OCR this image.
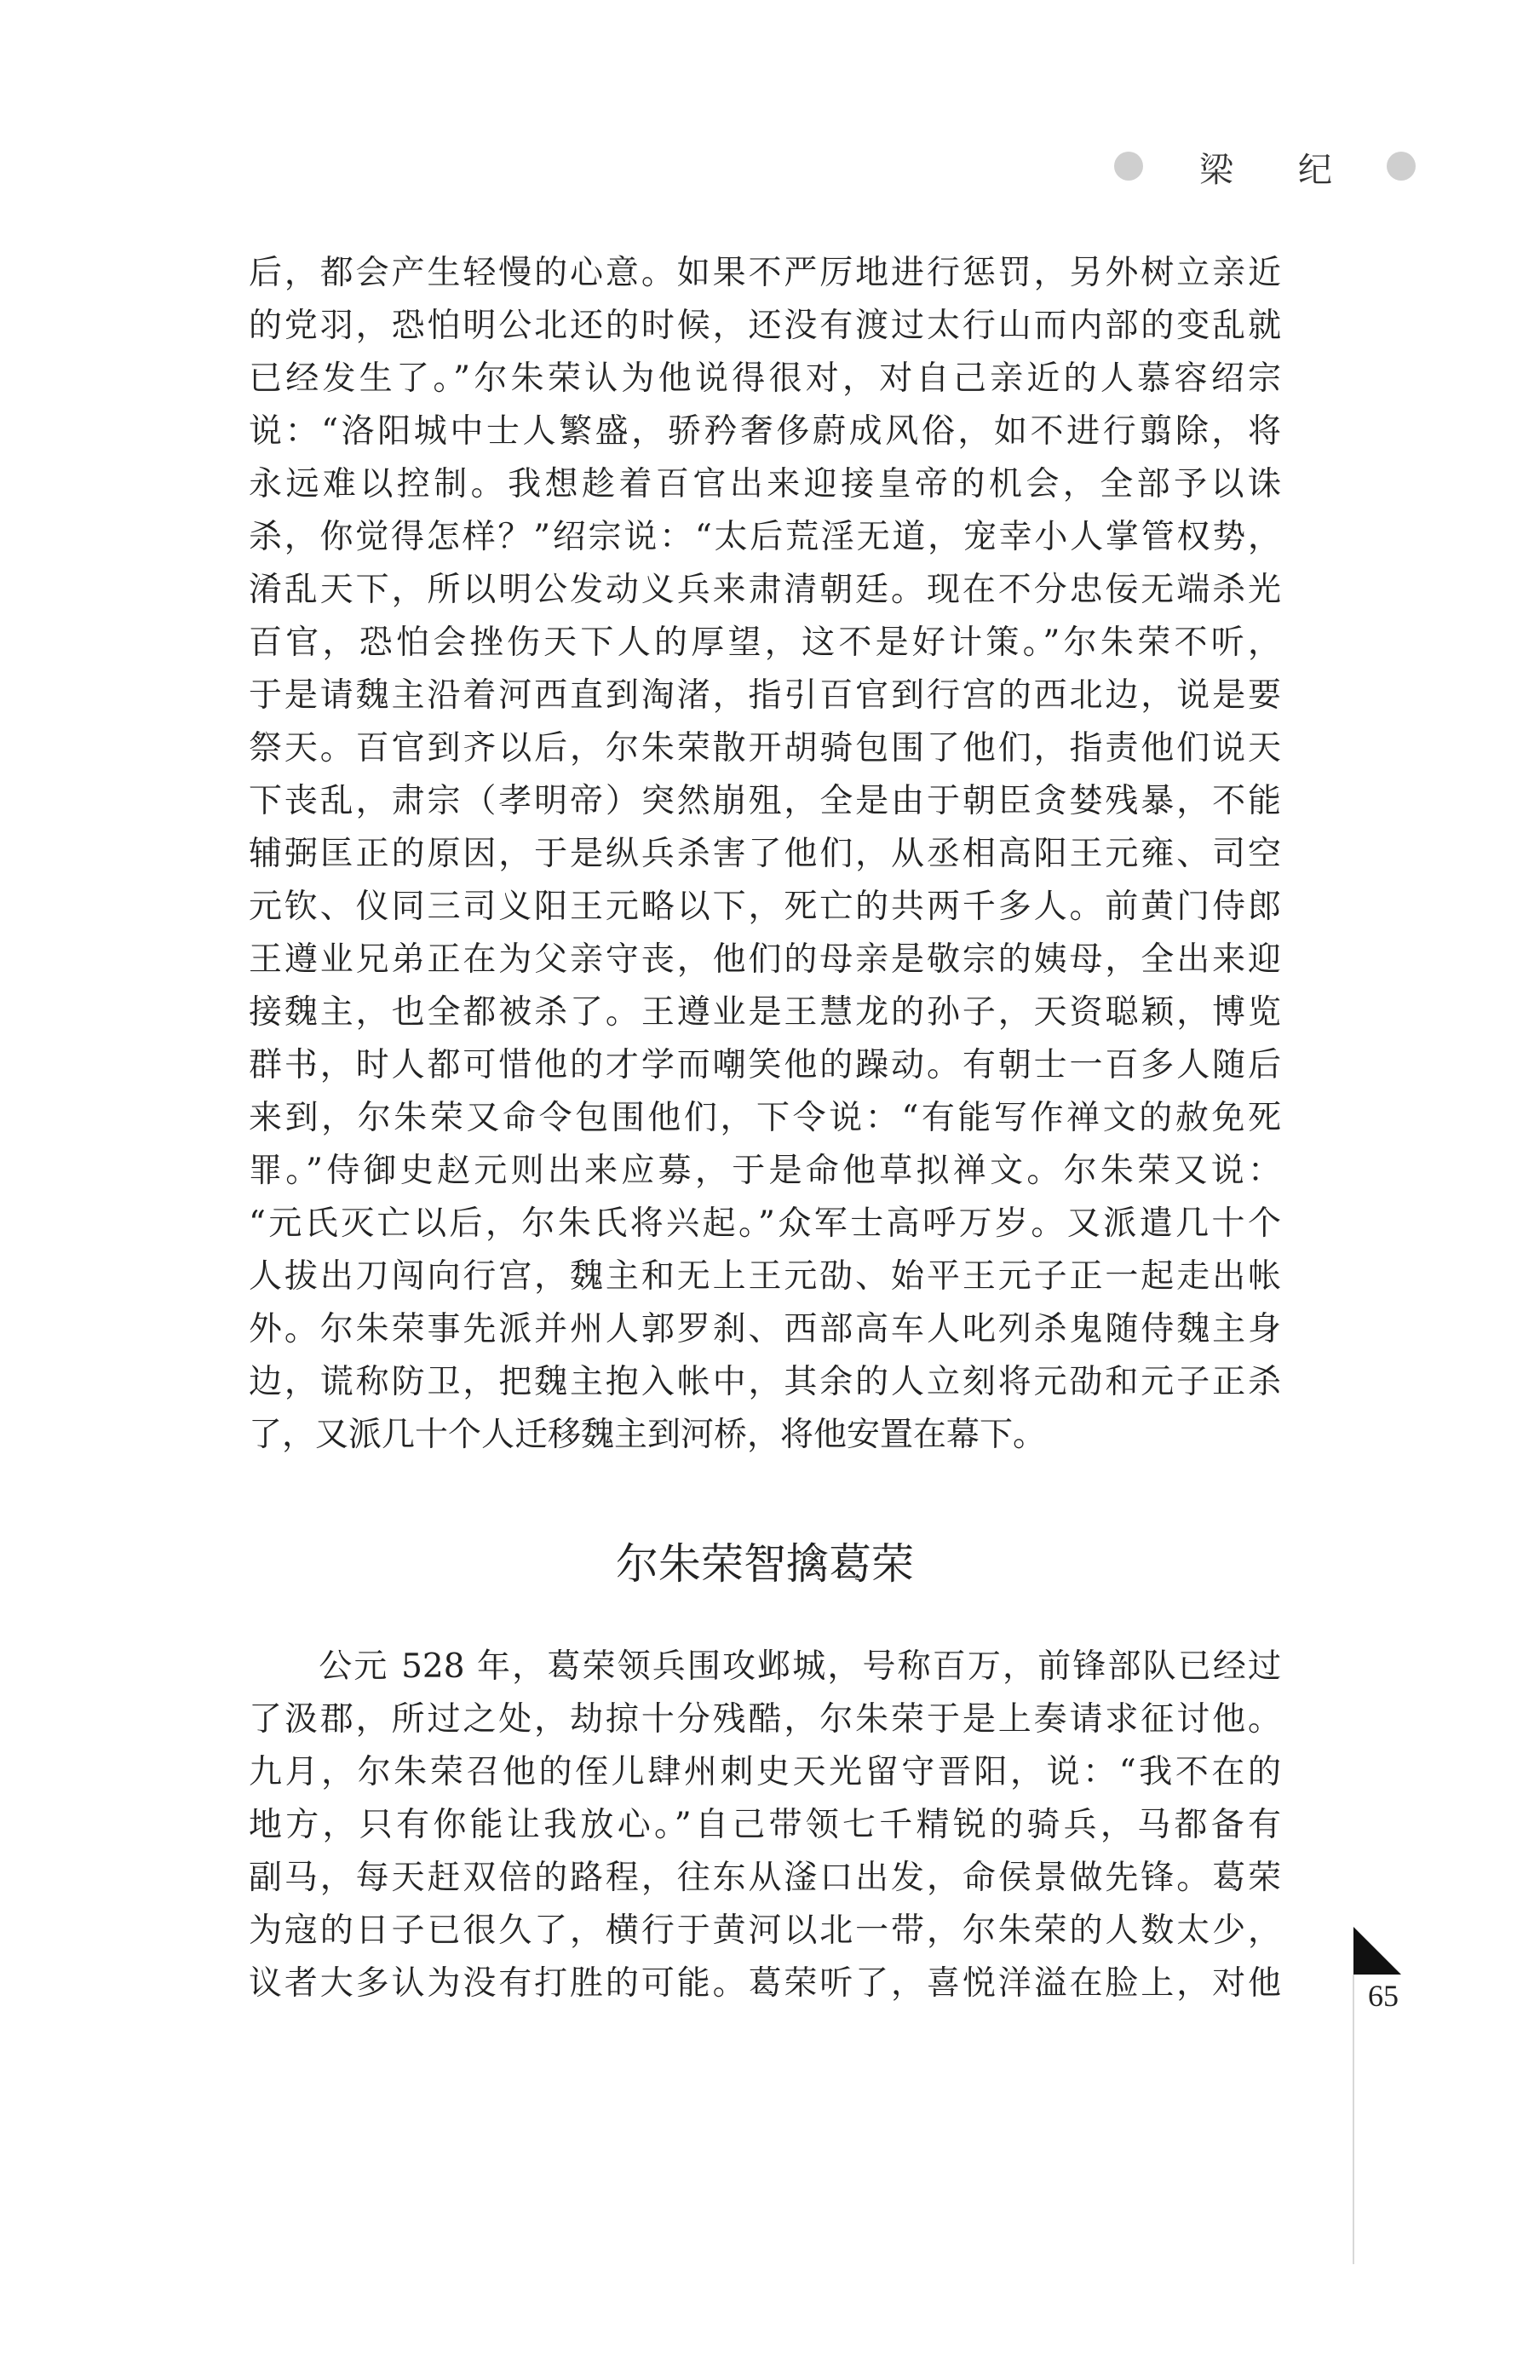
梁 纪
后，都会产生轻慢的心意。如果不严厉地进行惩罚，另外树立亲近
的党羽，恐怕明公北还的时候，还没有渡过太行山而内部的变乱就
已经发生了。”尔朱荣认为他说得很对，对自己亲近的人慕容绍宗
说：“洛阳城中士人繁盛，骄矜奢侈蔚成风俗，如不进行翦除，将
永远难以控制。我想趁着百官出来迎接皇帝的机会，全部予以诛
杀，你觉得怎样？”绍宗说：“太后荒淫无道，宠幸小人掌管权势，
淆乱天下，所以明公发动义兵来肃清朝廷。现在不分忠佞无端杀光
百官，恐怕会挫伤天下人的厚望，这不是好计策。”尔朱荣不听，
于是请魏主沿着河西直到淘渚，指引百官到行宫的西北边，说是要
祭天。百官到齐以后，尔朱荣散开胡骑包围了他们，指责他们说天
下丧乱，肃宗（孝明帝）突然崩殂，全是由于朝臣贪婪残暴，不能
辅弼匡正的原因，于是纵兵杀害了他们，从丞相高阳王元雍、司空
元钦、仪同三司义阳王元略以下，死亡的共两千多人。前黄门侍郎
王遵业兄弟正在为父亲守丧，他们的母亲是敬宗的姨母，全出来迎
接魏主，也全都被杀了。王遵业是王慧龙的孙子，天资聪颖，博览
群书，时人都可惜他的才学而嘲笑他的躁动。有朝士一百多人随后
来到，尔朱荣又命令包围他们，下令说：“有能写作禅文的赦免死
罪。”侍御史赵元则出来应募，于是命他草拟禅文。尔朱荣又说：
“元氏灭亡以后，尔朱氏将兴起。”众军士高呼万岁。又派遣几十个
人拔出刀闯向行宫，魏主和无上王元劭、始平王元子正一起走出帐
外。尔朱荣事先派并州人郭罗刹、西部高车人叱列杀鬼随侍魏主身
边，谎称防卫，把魏主抱入帐中，其余的人立刻将元劭和元子正杀
了，又派几十个人迁移魏主到河桥，将他安置在幕下。
尔朱荣智擒葛荣
　　公元 528 年，葛荣领兵围攻邺城，号称百万，前锋部队已经过
了汲郡，所过之处，劫掠十分残酷，尔朱荣于是上奏请求征讨他。
九月，尔朱荣召他的侄儿肆州刺史天光留守晋阳，说：“我不在的
地方，只有你能让我放心。”自己带领七千精锐的骑兵，马都备有
副马，每天赶双倍的路程，往东从滏口出发，命侯景做先锋。葛荣
为寇的日子已很久了，横行于黄河以北一带，尔朱荣的人数太少，
议者大多认为没有打胜的可能。葛荣听了，喜悦洋溢在脸上，对他	65
